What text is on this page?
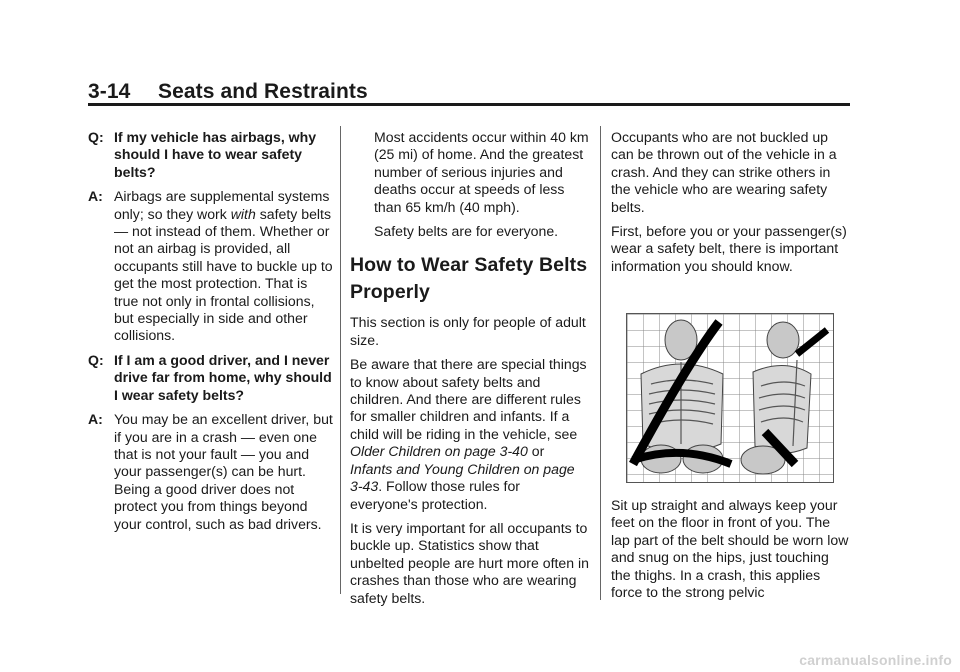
3-14 Seats and Restraints
Q: If my vehicle has airbags, why should I have to wear safety belts?
A: Airbags are supplemental systems only; so they work with safety belts — not instead of them. Whether or not an airbag is provided, all occupants still have to buckle up to get the most protection. That is true not only in frontal collisions, but especially in side and other collisions.
Q: If I am a good driver, and I never drive far from home, why should I wear safety belts?
A: You may be an excellent driver, but if you are in a crash — even one that is not your fault — you and your passenger(s) can be hurt. Being a good driver does not protect you from things beyond your control, such as bad drivers.

Most accidents occur within 40 km (25 mi) of home. And the greatest number of serious injuries and deaths occur at speeds of less than 65 km/h (40 mph).

Safety belts are for everyone.

How to Wear Safety Belts Properly

This section is only for people of adult size.

Be aware that there are special things to know about safety belts and children. And there are different rules for smaller children and infants. If a child will be riding in the vehicle, see Older Children on page 3-40 or Infants and Young Children on page 3-43. Follow those rules for everyone's protection.

It is very important for all occupants to buckle up. Statistics show that unbelted people are hurt more often in crashes than those who are wearing safety belts.

Occupants who are not buckled up can be thrown out of the vehicle in a crash. And they can strike others in the vehicle who are wearing safety belts.

First, before you or your passenger(s) wear a safety belt, there is important information you should know.

Sit up straight and always keep your feet on the floor in front of you. The lap part of the belt should be worn low and snug on the hips, just touching the thighs. In a crash, this applies force to the strong pelvic

carmanualsonline.info
